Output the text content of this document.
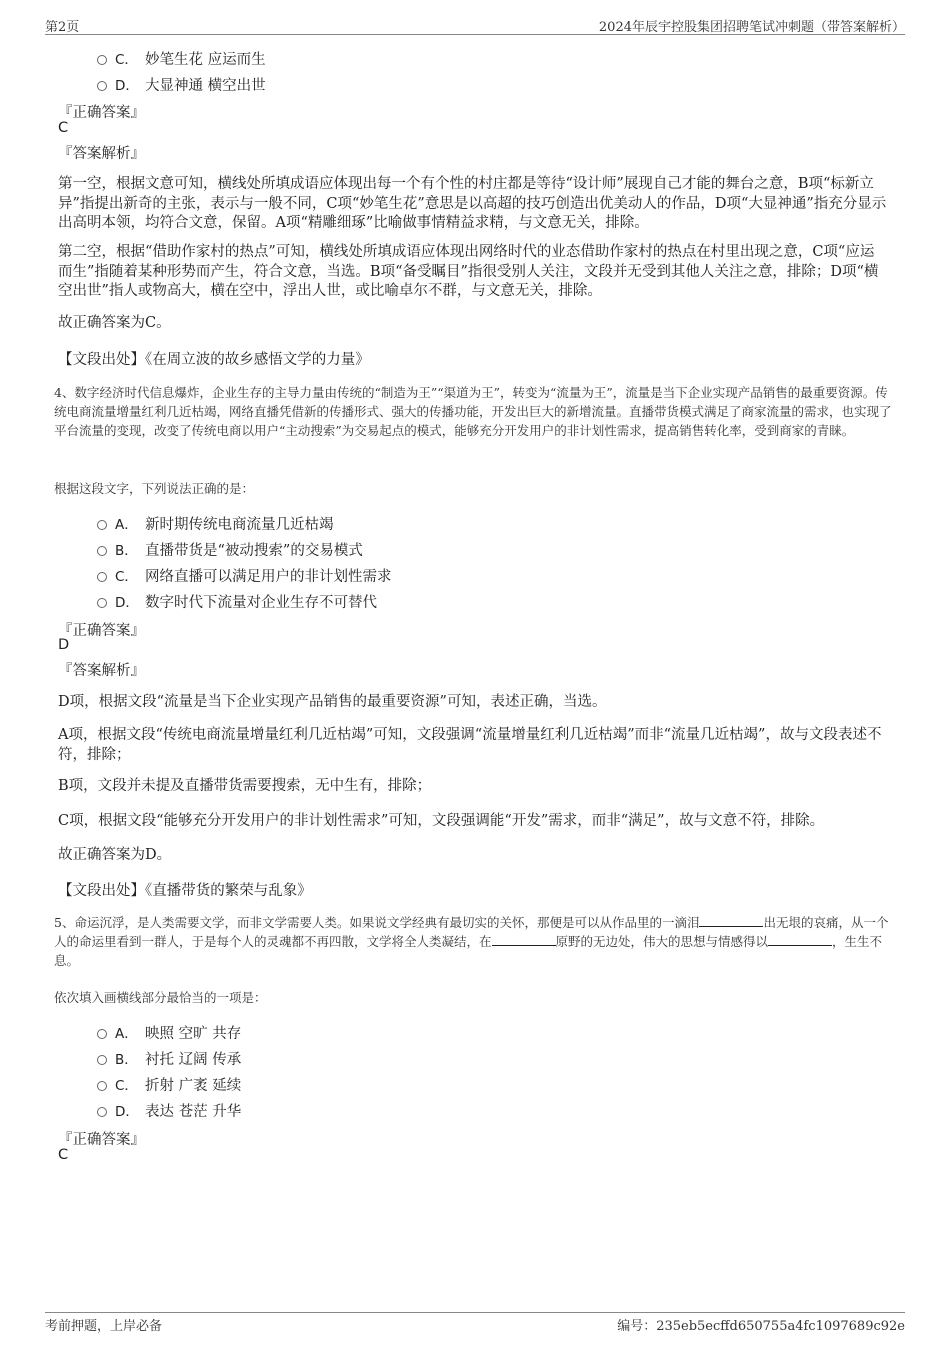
第2页	2024年辰宇控股集团招聘笔试冲刺题（带答案解析）
C． 妙笔生花 应运而生
D． 大显神通 横空出世
『正确答案』
C
『答案解析』
第一空，根据文意可知，横线处所填成语应体现出每一个有个性的村庄都是等待“设计师”展现自己才能的舞台之意，B项“标新立异”指提出新奇的主张，表示与一般不同，C项“妙笔生花”意思是以高超的技巧创造出优美动人的作品，D项“大显神通”指充分显示出高明本领，均符合文意，保留。A项“精雕细琢”比喻做事情精益求精，与文意无关，排除。
第二空，根据“借助作家村的热点”可知，横线处所填成语应体现出网络时代的业态借助作家村的热点在村里出现之意，C项“应运而生”指随着某种形势而产生，符合文意，当选。B项“备受瞩目”指很受别人关注，文段并无受到其他人关注之意，排除；D项“横空出世”指人或物高大，横在空中，浮出人世，或比喻卓尔不群，与文意无关，排除。
故正确答案为C。
【文段出处】《在周立波的故乡感悟文学的力量》
4、数字经济时代信息爆炸，企业生存的主导力量由传统的“制造为王”“渠道为王”，转变为“流量为王”，流量是当下企业实现产品销售的最重要资源。传统电商流量增量红利几近枯竭，网络直播凭借新的传播形式、强大的传播功能，开发出巨大的新增流量。直播带货模式满足了商家流量的需求，也实现了平台流量的变现，改变了传统电商以用户“主动搜索”为交易起点的模式，能够充分开发用户的非计划性需求，提高销售转化率，受到商家的青睐。
根据这段文字，下列说法正确的是：
A． 新时期传统电商流量几近枯竭
B． 直播带货是“被动搜索”的交易模式
C． 网络直播可以满足用户的非计划性需求
D． 数字时代下流量对企业生存不可替代
『正确答案』
D
『答案解析』
D项，根据文段“流量是当下企业实现产品销售的最重要资源”可知，表述正确，当选。
A项，根据文段“传统电商流量增量红利几近枯竭”可知，文段强调“流量增量红利几近枯竭”而非“流量几近枯竭”，故与文段表述不符，排除；
B项，文段并未提及直播带货需要搜索，无中生有，排除；
C项，根据文段“能够充分开发用户的非计划性需求”可知，文段强调能“开发”需求，而非“满足”，故与文意不符，排除。
故正确答案为D。
【文段出处】《直播带货的繁荣与乱象》
5、命运沉浮，是人类需要文学，而非文学需要人类。如果说文学经典有最切实的关怀，那便是可以从作品里的一滴泪	出无垠的哀痛，从一个人的命运里看到一群人，于是每个人的灵魂都不再四散，文学将全人类凝结，在	原野的无边处，伟大的思想与情感得以	，生生不息。
依次填入画横线部分最恰当的一项是：
A． 映照 空旷 共存
B． 衬托 辽阔 传承
C． 折射 广袤 延续
D． 表达 苍茫 升华
『正确答案』
C
考前押题，上岸必备	编号：235eb5ecffd650755a4fc1097689c92e
